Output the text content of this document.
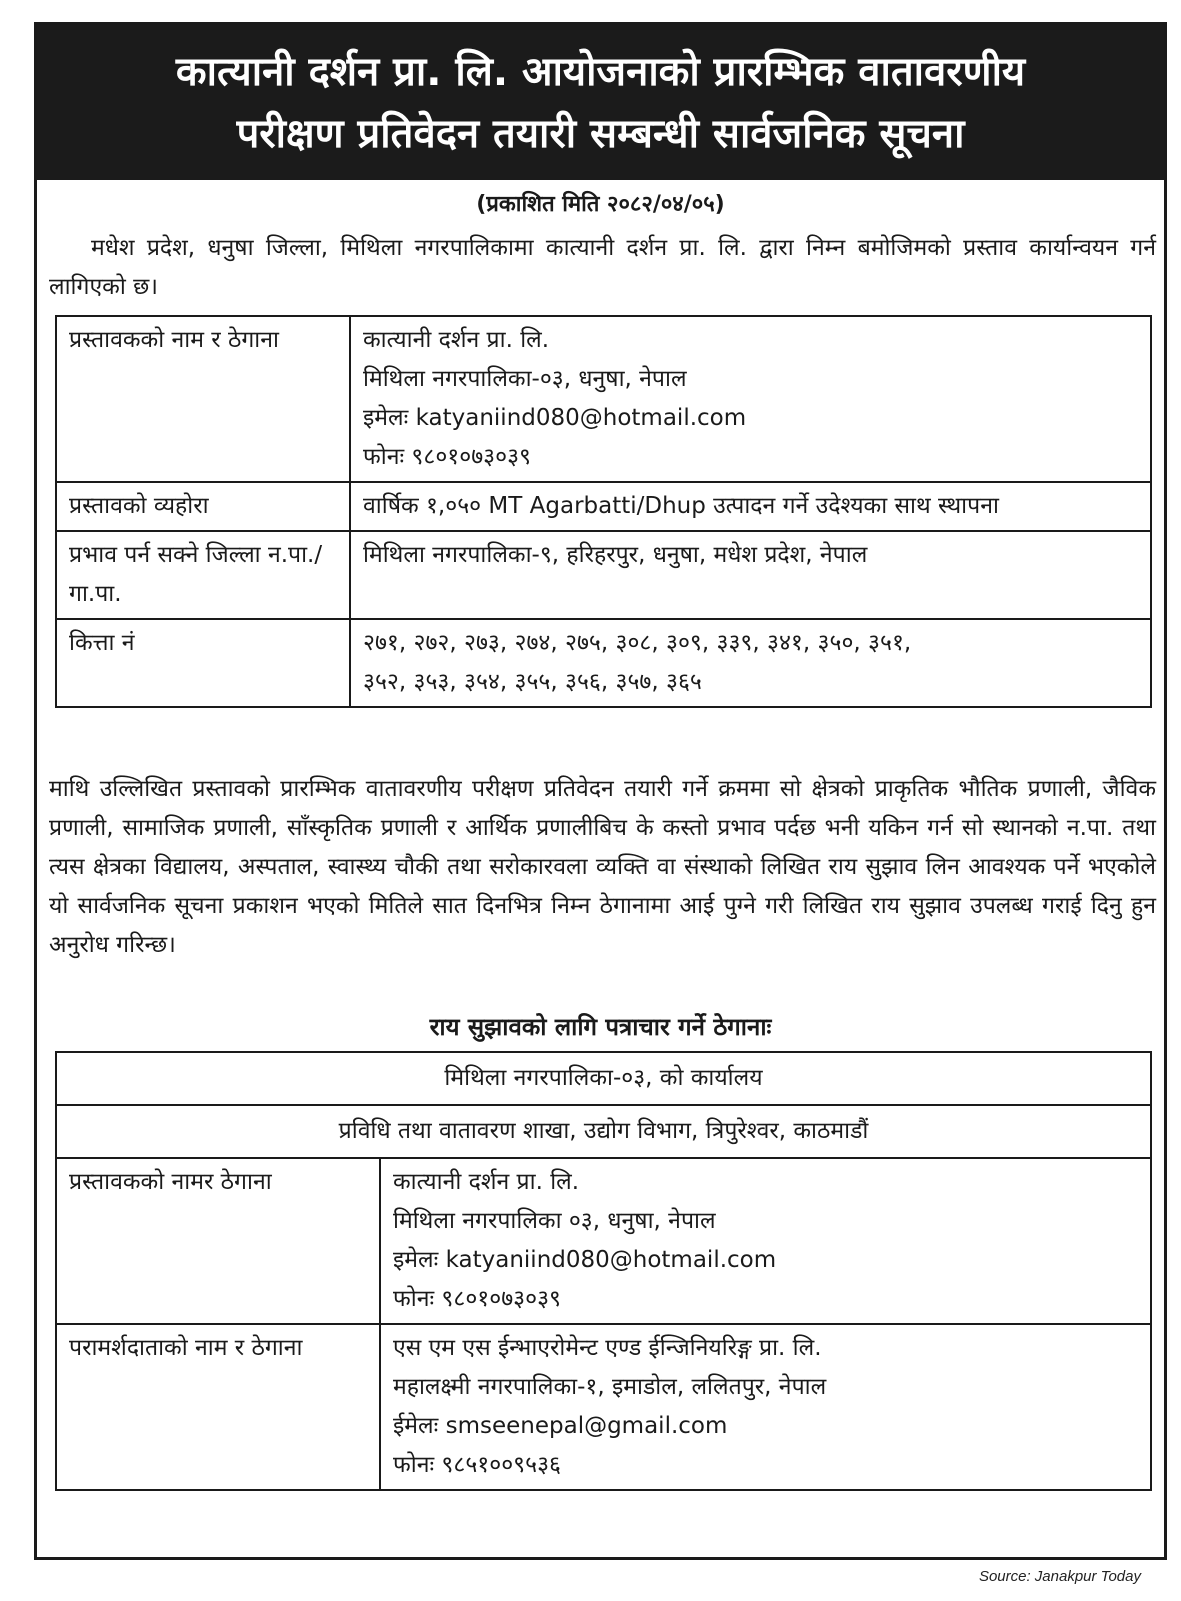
कात्यानी दर्शन प्रा. लि. आयोजनाको प्रारम्भिक वातावरणीय
परीक्षण प्रतिवेदन तयारी सम्बन्धी सार्वजनिक सूचना
(प्रकाशित मिति २०८२/०४/०५)
मधेश प्रदेश, धनुषा जिल्ला, मिथिला नगरपालिकामा कात्यानी दर्शन प्रा. लि. द्वारा निम्न बमोजिमको प्रस्ताव कार्यान्वयन गर्न लागिएको छ।
प्रस्तावकको नाम र ठेगाना	कात्यानी दर्शन प्रा. लि.
मिथिला नगरपालिका-०३, धनुषा, नेपाल
इमेलः katyaniind080@hotmail.com
फोनः ९८०१०७३०३९

प्रस्तावको व्यहोरा	वार्षिक १,०५० MT Agarbatti/Dhup उत्पादन गर्ने उदेश्यका साथ स्थापना
प्रभाव पर्न सक्ने जिल्ला न.पा./गा.पा.	मिथिला नगरपालिका-९, हरिहरपुर, धनुषा, मधेश प्रदेश, नेपाल
कित्ता नं	२७१, २७२, २७३, २७४, २७५, ३०८, ३०९, ३३९, ३४१, ३५०, ३५१,
३५२, ३५३, ३५४, ३५५, ३५६, ३५७, ३६५
माथि उल्लिखित प्रस्तावको प्रारम्भिक वातावरणीय परीक्षण प्रतिवेदन तयारी गर्ने क्रममा सो क्षेत्रको प्राकृतिक भौतिक प्रणाली, जैविक प्रणाली, सामाजिक प्रणाली, साँस्कृतिक प्रणाली र आर्थिक प्रणालीबिच के कस्तो प्रभाव पर्दछ भनी यकिन गर्न सो स्थानको न.पा. तथा त्यस क्षेत्रका विद्यालय, अस्पताल, स्वास्थ्य चौकी तथा सरोकारवला व्यक्ति वा संस्थाको लिखित राय सुझाव लिन आवश्यक पर्ने भएकोले यो सार्वजनिक सूचना प्रकाशन भएको मितिले सात दिनभित्र निम्न ठेगानामा आई पुग्ने गरी लिखित राय सुझाव उपलब्ध गराई दिनु हुन अनुरोध गरिन्छ।
राय सुझावको लागि पत्राचार गर्ने ठेगानाः
मिथिला नगरपालिका-०३, को कार्यालय	
प्रविधि तथा वातावरण शाखा, उद्योग विभाग, त्रिपुरेश्वर, काठमाडौं	
प्रस्तावकको नामर ठेगाना	कात्यानी दर्शन प्रा. लि.
मिथिला नगरपालिका ०३, धनुषा, नेपाल
इमेलः katyaniind080@hotmail.com
फोनः ९८०१०७३०३९

परामर्शदाताको नाम र ठेगाना	एस एम एस ईन्भाएरोमेन्ट एण्ड ईन्जिनियरिङ्ग प्रा. लि.
महालक्ष्मी नगरपालिका-१, इमाडोल, ललितपुर, नेपाल
ईमेलः smseenepal@gmail.com
फोनः ९८५१००९५३६
Source: Janakpur Today
